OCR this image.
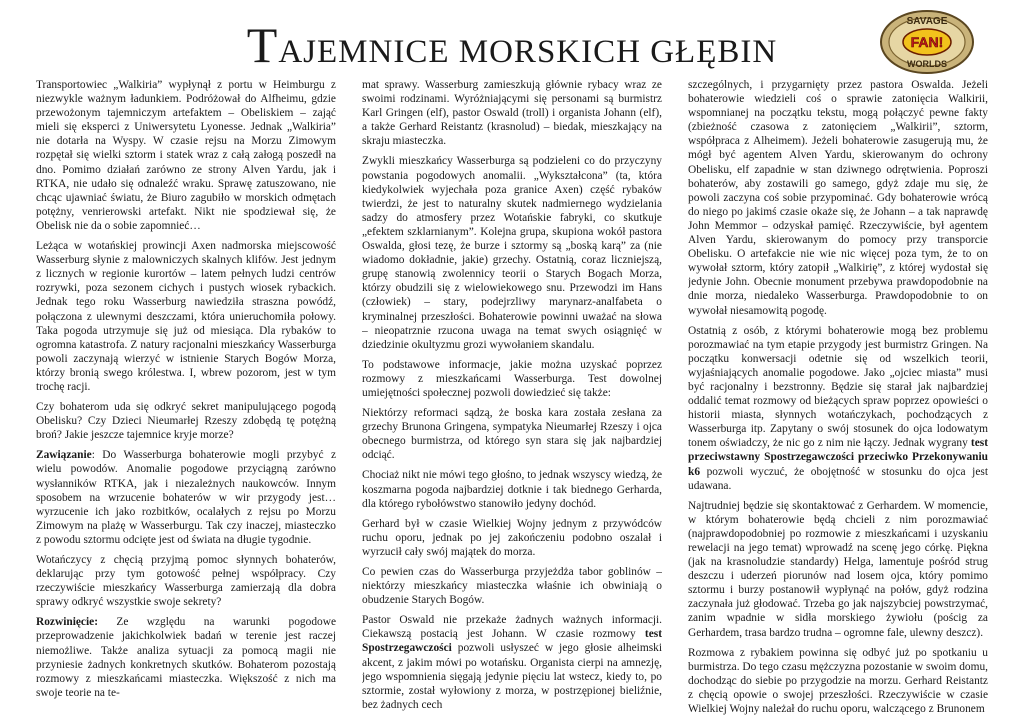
TAJEMNICE MORSKICH GŁĘBIN
SAVAGE
FAN!
WORLDS

Transportowiec „Walkiria” wypłynął z portu w Heimburgu z niezwykle ważnym ładunkiem. Podróżował do Alfheimu, gdzie przewożonym tajemniczym artefaktem – Obeliskiem – zająć mieli się eksperci z Uniwersytetu Lyonesse. Jednak „Walkiria” nie dotarła na Wyspy. W czasie rejsu na Morzu Zimowym rozpętał się wielki sztorm i statek wraz z całą załogą poszedł na dno. Pomimo działań zarówno ze strony Alven Yardu, jak i RTKA, nie udało się odnaleźć wraku. Sprawę zatuszowano, nie chcąc ujawniać światu, że Biuro zagubiło w morskich odmętach potężny, venrierowski artefakt. Nikt nie spodziewał się, że Obelisk nie da o sobie zapomnieć…

Leżąca w wotańskiej prowincji Axen nadmorska miejscowość Wasserburg słynie z malowniczych skalnych klifów. Jest jednym z licznych w regionie kurortów – latem pełnych ludzi centrów rozrywki, poza sezonem cichych i pustych wiosek rybackich. Jednak tego roku Wasserburg nawiedziła straszna powódź, połączona z ulewnymi deszczami, która unieruchomiła połowy. Taka pogoda utrzymuje się już od miesiąca. Dla rybaków to ogromna katastrofa. Z natury racjonalni mieszkańcy Wasserburga powoli zaczynają wierzyć w istnienie Starych Bogów Morza, którzy bronią swego królestwa. I, wbrew pozorom, jest w tym trochę racji.

Czy bohaterom uda się odkryć sekret manipulującego pogodą Obelisku? Czy Dzieci Nieumarłej Rzeszy zdobędą tę potężną broń? Jakie jeszcze tajemnice kryje morze?

Zawiązanie: Do Wasserburga bohaterowie mogli przybyć z wielu powodów. Anomalie pogodowe przyciągną zarówno wysłanników RTKA, jak i niezależnych naukowców. Innym sposobem na wrzucenie bohaterów w wir przygody jest… wyrzucenie ich jako rozbitków, ocalałych z rejsu po Morzu Zimowym na plażę w Wasserburgu. Tak czy inaczej, miasteczko z powodu sztormu odcięte jest od świata na długie tygodnie.

Wotańczycy z chęcią przyjmą pomoc słynnych bohaterów, deklarując przy tym gotowość pełnej współpracy. Czy rzeczywiście mieszkańcy Wasserburga zamierzają dla dobra sprawy odkryć wszystkie swoje sekrety?

Rozwinięcie: Ze względu na warunki pogodowe przeprowadzenie jakichkolwiek badań w terenie jest raczej niemożliwe. Także analiza sytuacji za pomocą magii nie przyniesie żadnych konkretnych skutków. Bohaterom pozostają rozmowy z mieszkańcami miasteczka. Większość z nich ma swoje teorie na te-

mat sprawy. Wasserburg zamieszkują głównie rybacy wraz ze swoimi rodzinami. Wyróżniającymi się personami są burmistrz Karl Gringen (elf), pastor Oswald (troll) i organista Johann (elf), a także Gerhard Reistantz (krasnolud) – biedak, mieszkający na skraju miasteczka.

Zwykli mieszkańcy Wasserburga są podzieleni co do przyczyny powstania pogodowych anomalii. „Wykształcona” (ta, która kiedykolwiek wyjechała poza granice Axen) część rybaków twierdzi, że jest to naturalny skutek nadmiernego wydzielania sadzy do atmosfery przez Wotańskie fabryki, co skutkuje „efektem szklarnianym”. Kolejna grupa, skupiona wokół pastora Oswalda, głosi tezę, że burze i sztormy są „boską karą” za (nie wiadomo dokładnie, jakie) grzechy. Ostatnią, coraz liczniejszą, grupę stanowią zwolennicy teorii o Starych Bogach Morza, którzy obudzili się z wielowiekowego snu. Przewodzi im Hans (człowiek) – stary, podejrzliwy marynarz-analfabeta o kryminalnej przeszłości. Bohaterowie powinni uważać na słowa – nieopatrznie rzucona uwaga na temat swych osiągnięć w dziedzinie okultyzmu grozi wywołaniem skandalu.

To podstawowe informacje, jakie można uzyskać poprzez rozmowy z mieszkańcami Wasserburga. Test dowolnej umiejętności społecznej pozwoli dowiedzieć się także:

Niektórzy reformaci sądzą, że boska kara została zesłana za grzechy Brunona Gringena, sympatyka Nieumarłej Rzeszy i ojca obecnego burmistrza, od którego syn stara się jak najbardziej odciąć.

Chociaż nikt nie mówi tego głośno, to jednak wszyscy wiedzą, że koszmarna pogoda najbardziej dotknie i tak biednego Gerharda, dla którego rybołówstwo stanowiło jedyny dochód.

Gerhard był w czasie Wielkiej Wojny jednym z przywódców ruchu oporu, jednak po jej zakończeniu podobno oszalał i wyrzucił cały swój majątek do morza.

Co pewien czas do Wasserburga przyjeżdża tabor goblinów – niektórzy mieszkańcy miasteczka właśnie ich obwiniają o obudzenie Starych Bogów.

Pastor Oswald nie przekaże żadnych ważnych informacji. Ciekawszą postacią jest Johann. W czasie rozmowy test Spostrzegawczości pozwoli usłyszeć w jego głosie alheimski akcent, z jakim mówi po wotańsku. Organista cierpi na amnezję, jego wspomnienia sięgają jedynie pięciu lat wstecz, kiedy to, po sztormie, został wyłowiony z morza, w postrzępionej bieliźnie, bez żadnych cech

szczególnych, i przygarnięty przez pastora Oswalda. Jeżeli bohaterowie wiedzieli coś o sprawie zatonięcia Walkirii, wspomnianej na początku tekstu, mogą połączyć pewne fakty (zbieżność czasowa z zatonięciem „Walkirii”, sztorm, współpraca z Alheimem). Jeżeli bohaterowie zasugerują mu, że mógł być agentem Alven Yardu, skierowanym do ochrony Obelisku, elf zapadnie w stan dziwnego odrętwienia. Poproszi bohaterów, aby zostawili go samego, gdyż zdaje mu się, że powoli zaczyna coś sobie przypominać. Gdy bohaterowie wrócą do niego po jakimś czasie okaże się, że Johann – a tak naprawdę John Memmor – odzyskał pamięć. Rzeczywiście, był agentem Alven Yardu, skierowanym do pomocy przy transporcie Obelisku. O artefakcie nie wie nic więcej poza tym, że to on wywołał sztorm, który zatopił „Walkirię”, z której wydostał się jedynie John. Obecnie monument przebywa prawdopodobnie na dnie morza, niedaleko Wasserburga. Prawdopodobnie to on wywołał niesamowitą pogodę.

Ostatnią z osób, z którymi bohaterowie mogą bez problemu porozmawiać na tym etapie przygody jest burmistrz Gringen. Na początku konwersacji odetnie się od wszelkich teorii, wyjaśniających anomalie pogodowe. Jako „ojciec miasta” musi być racjonalny i bezstronny. Będzie się starał jak najbardziej oddalić temat rozmowy od bieżących spraw poprzez opowieści o historii miasta, słynnych wotańczykach, pochodzących z Wasserburga itp. Zapytany o swój stosunek do ojca lodowatym tonem oświadczy, że nic go z nim nie łączy. Jednak wygrany test przeciwstawny Spostrzegawczości przeciwko Przekonywaniu k6 pozwoli wyczuć, że obojętność w stosunku do ojca jest udawana.

Najtrudniej będzie się skontaktować z Gerhardem. W momencie, w którym bohaterowie będą chcieli z nim porozmawiać (najprawdopodobniej po rozmowie z mieszkańcami i uzyskaniu rewelacji na jego temat) wprowadź na scenę jego córkę. Piękna (jak na krasnoludzie standardy) Helga, lamentuje pośród strug deszczu i uderzeń piorunów nad losem ojca, który pomimo sztormu i burzy postanowił wypłynąć na połów, gdyż rodzina zaczynała już głodować. Trzeba go jak najszybciej powstrzymać, zanim wpadnie w sidła morskiego żywiołu (pościg za Gerhardem, trasa bardzo trudna – ogromne fale, ulewny deszcz).

Rozmowa z rybakiem powinna się odbyć już po spotkaniu u burmistrza. Do tego czasu mężczyzna pozostanie w swoim domu, dochodząc do siebie po przygodzie na morzu. Gerhard Reistantz z chęcią opowie o swojej przeszłości. Rzeczywiście w czasie Wielkiej Wojny należał do ruchu oporu, walczącego z Brunonem
